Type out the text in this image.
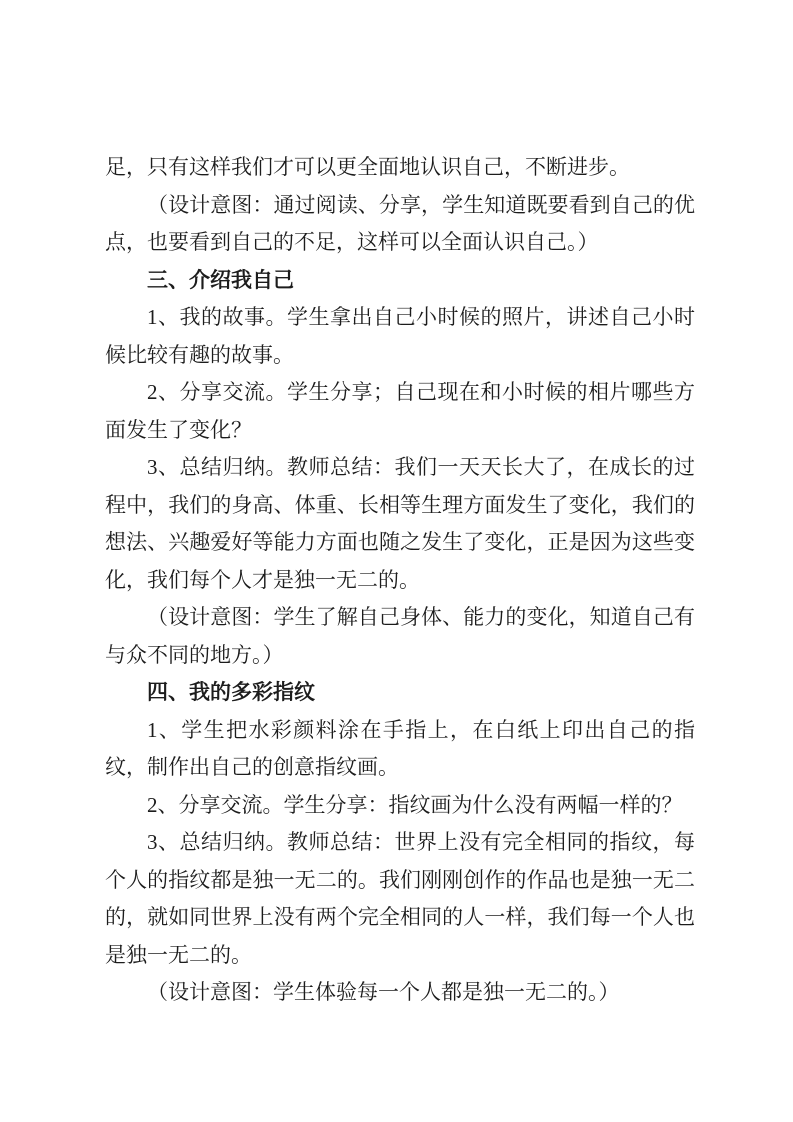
足，只有这样我们才可以更全面地认识自己，不断进步。

（设计意图：通过阅读、分享，学生知道既要看到自己的优点，也要看到自己的不足，这样可以全面认识自己。）

三、介绍我自己

1、我的故事。学生拿出自己小时候的照片，讲述自己小时候比较有趣的故事。

2、分享交流。学生分享；自己现在和小时候的相片哪些方面发生了变化？

3、总结归纳。教师总结：我们一天天长大了，在成长的过程中，我们的身高、体重、长相等生理方面发生了变化，我们的想法、兴趣爱好等能力方面也随之发生了变化，正是因为这些变化，我们每个人才是独一无二的。

（设计意图：学生了解自己身体、能力的变化，知道自己有与众不同的地方。）

四、我的多彩指纹

1、学生把水彩颜料涂在手指上，在白纸上印出自己的指纹，制作出自己的创意指纹画。

2、分享交流。学生分享：指纹画为什么没有两幅一样的？

3、总结归纳。教师总结：世界上没有完全相同的指纹，每个人的指纹都是独一无二的。我们刚刚创作的作品也是独一无二的，就如同世界上没有两个完全相同的人一样，我们每一个人也是独一无二的。

（设计意图：学生体验每一个人都是独一无二的。）
